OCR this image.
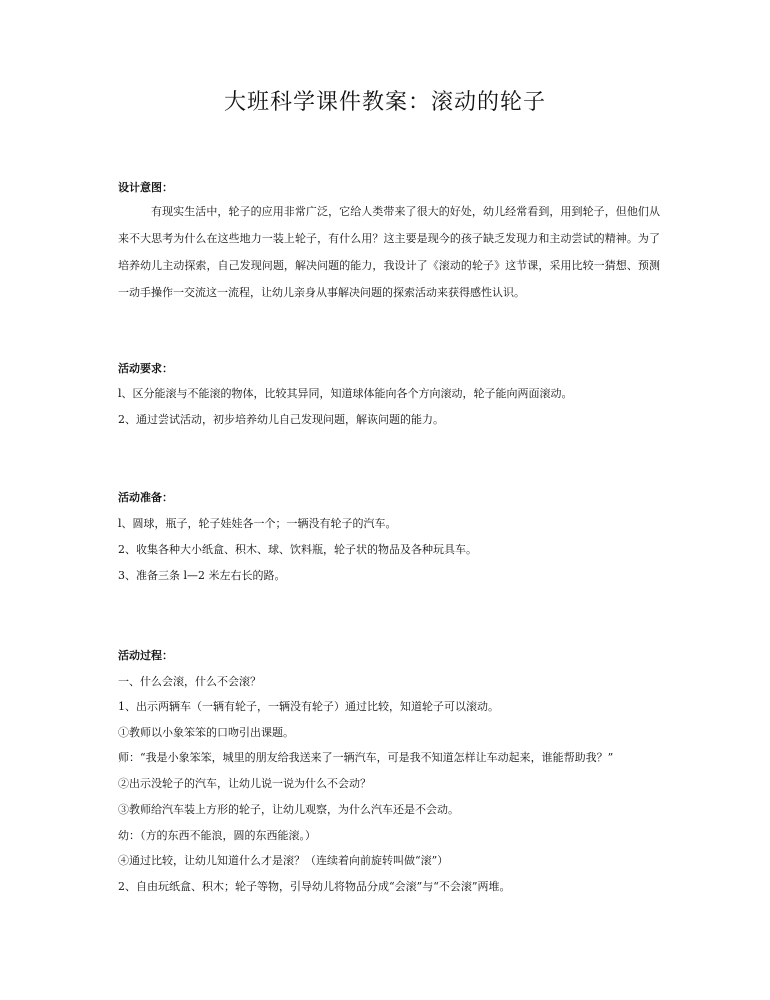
大班科学课件教案：滚动的轮子
设计意图：
有现实生活中，轮子的应用非常广泛，它给人类带来了很大的好处，幼儿经常看到，用到轮子，但他们从来不大思考为什么在这些地力一装上轮子，有什么用？这主要是现今的孩子缺乏发现力和主动尝试的精神。为了培养幼儿主动探索，自己发现问题，解决问题的能力，我设计了《滚动的轮子》这节课，采用比较一猜想、预测一动手操作一交流这一流程，让幼儿亲身从事解决问题的探索活动来获得感性认识。
活动要求：
l、区分能滚与不能滚的物体，比较其异同，知道球体能向各个方向滚动，轮子能向两面滚动。
2、通过尝试活动，初步培养幼儿自己发现问题，解诙问题的能力。
活动准备：
l、圆球，瓶子，轮子娃娃各一个；一辆没有轮子的汽车。
2、收集各种大小纸盒、积木、球、饮料瓶，轮子状的物品及各种玩具车。
3、准备三条 l—2 米左右长的路。
活动过程：
一、什么会滚，什么不会滚？
1、出示两辆车（一辆有轮子，一辆没有轮子）通过比较，知道轮子可以滚动。
①教师以小象笨笨的口吻引出课题。
师：“我是小象笨笨，城里的朋友给我送来了一辆汽车，可是我不知道怎样让车动起来，谁能帮助我？”
②出示没轮子的汽车，让幼儿说一说为什么不会动？
③教师给汽车装上方形的轮子，让幼儿观察，为什么汽车还是不会动。
幼：（方的东西不能浪，圆的东西能滚。）
④通过比较，让幼儿知道什么才是滚？（连续着向前旋转叫做“滚”）
2、自由玩纸盒、积木；轮子等物，引导幼儿将物品分成“会滚”与“不会滚”两堆。
